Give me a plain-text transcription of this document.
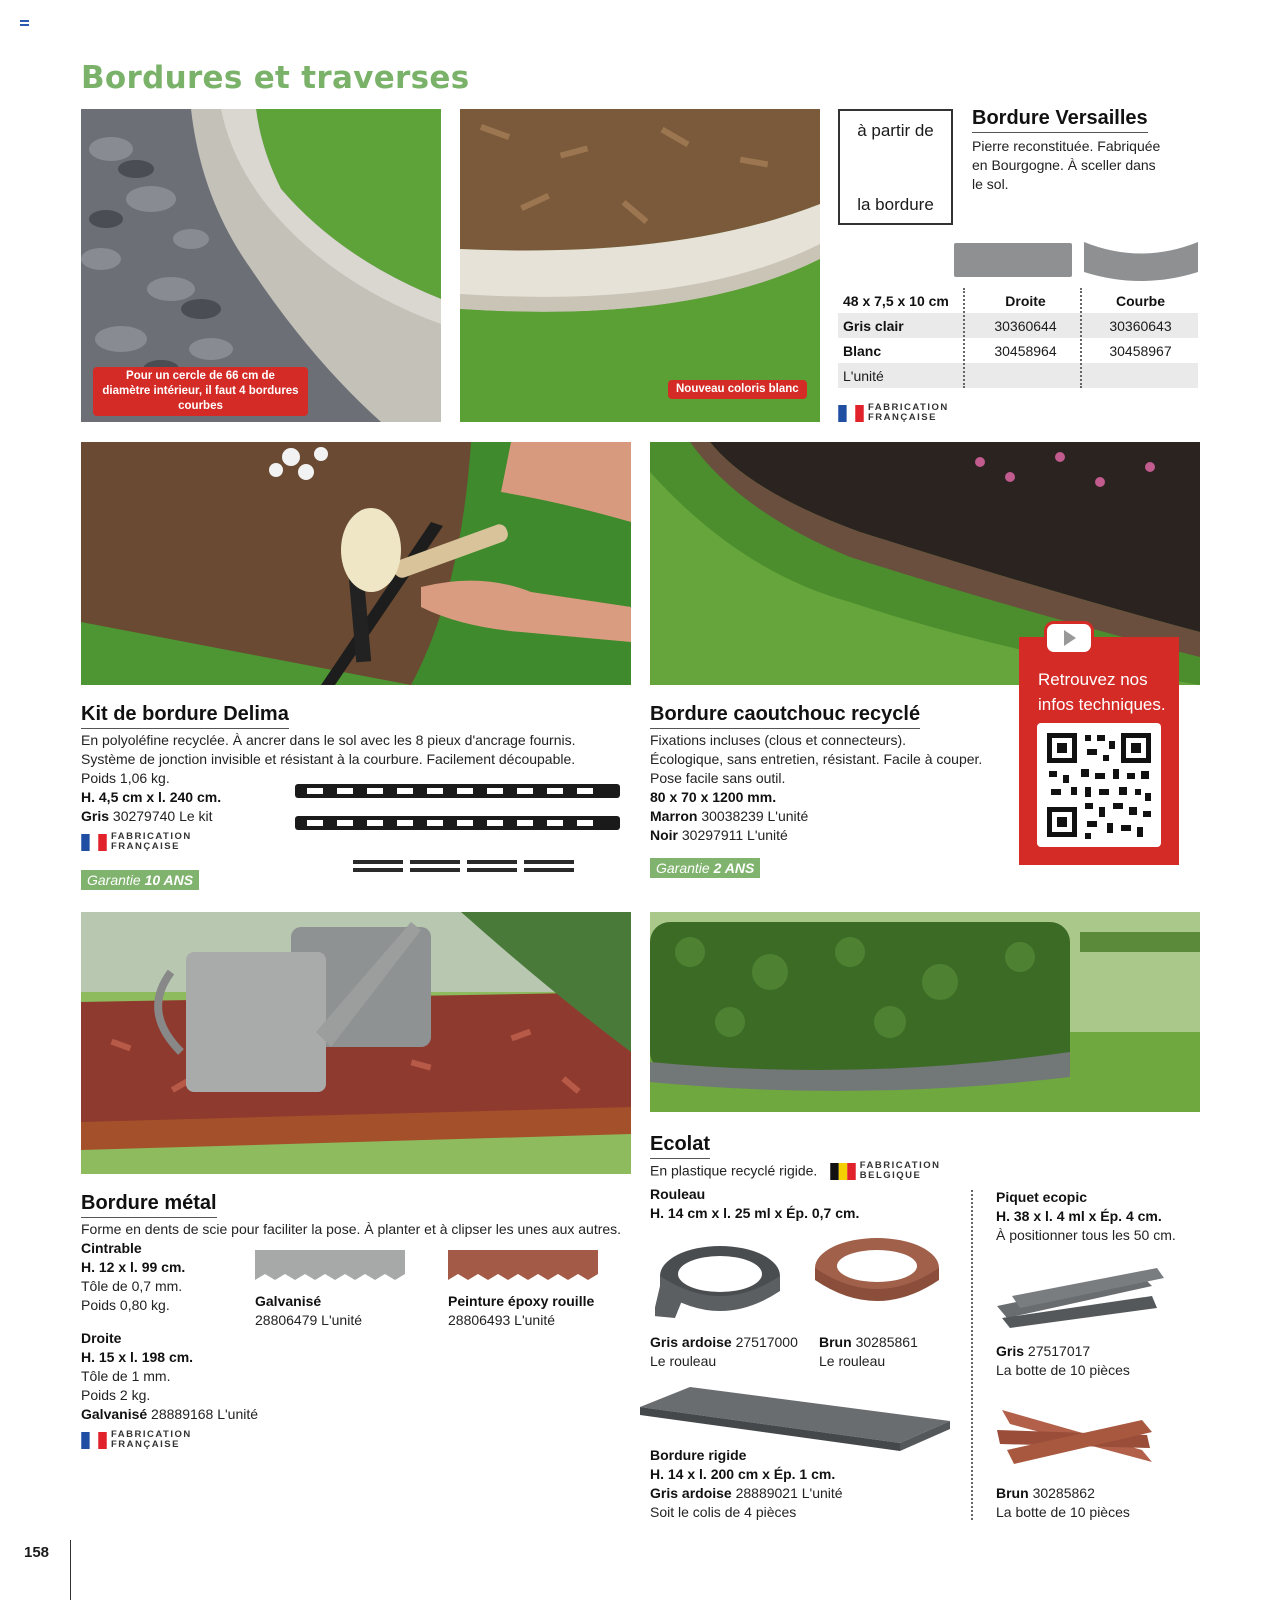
Bordures et traverses
Pour un cercle de 66 cm de diamètre intérieur, il faut 4 bordures courbes
Nouveau coloris blanc
à partir de
la bordure
Bordure Versailles
Pierre reconstituée. Fabriquée en Bourgogne. À sceller dans le sol.
48 x 7,5 x 10 cm	Droite	Courbe
Gris clair	30360644	30360643
Blanc	30458964	30458967
L'unité		
FABRICATION FRANÇAISE
Retrouvez nos infos techniques.
Kit de bordure Delima
En polyoléfine recyclée. À ancrer dans le sol avec les 8 pieux d'ancrage fournis.
Système de jonction invisible et résistant à la courbure. Facilement découpable.
Poids 1,06 kg.
H. 4,5 cm x l. 240 cm.
Gris 30279740 Le kit
FABRICATION FRANÇAISE
Garantie 10 ANS
Bordure caoutchouc recyclé
Fixations incluses (clous et connecteurs).
Écologique, sans entretien, résistant. Facile à couper.
Pose facile sans outil.
80 x 70 x 1200 mm.
Marron 30038239 L'unité
Noir 30297911 L'unité
Garantie 2 ANS
Bordure métal
Forme en dents de scie pour faciliter la pose. À planter et à clipser les unes aux autres.
Cintrable
H. 12 x l. 99 cm.
Tôle de 0,7 mm.
Poids 0,80 kg.
Droite
H. 15 x l. 198 cm.
Tôle de 1 mm.
Poids 2 kg.
Galvanisé 28889168 L'unité
FABRICATION FRANÇAISE
Galvanisé
28806479 L'unité
Peinture époxy rouille
28806493 L'unité
Ecolat
En plastique recyclé rigide.	FABRICATION BELGIQUE
Rouleau
H. 14 cm x l. 25 ml x Ép. 0,7 cm.
Gris ardoise 27517000
Le rouleau
Brun 30285861
Le rouleau
Bordure rigide
H. 14 x l. 200 cm x Ép. 1 cm.
Gris ardoise 28889021 L'unité
Soit le colis de 4 pièces
Piquet ecopic
H. 38 x l. 4 ml x Ép. 4 cm.
À positionner tous les 50 cm.
Gris 27517017
La botte de 10 pièces
Brun 30285862
La botte de 10 pièces
158
